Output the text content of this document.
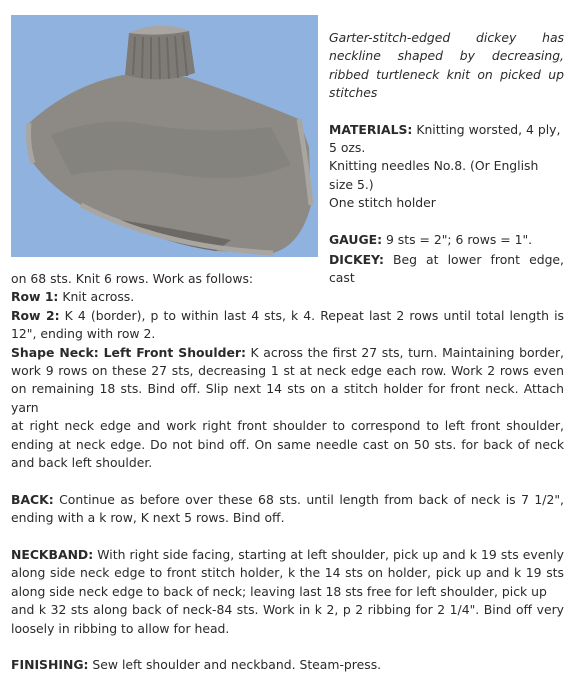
Garter-stitch-edged dickey has neckline shaped by decreasing, ribbed turtleneck knit on picked up stitches

MATERIALS: Knitting worsted, 4 ply, 5 ozs.

Knitting needles No.8. (Or English size 5.)

One stitch holder

GAUGE: 9 sts = 2"; 6 rows = 1".

DICKEY: Beg at lower front edge, cast

on 68 sts. Knit 6 rows. Work as follows:

Row 1: Knit across.

Row 2: K 4 (border), p to within last 4 sts, k 4. Repeat last 2 rows until total length is 12", ending with row 2.

Shape Neck: Left Front Shoulder: K across the first 27 sts, turn. Maintaining border, work 9 rows on these 27 sts, decreasing 1 st at neck edge each row. Work 2 rows even on remaining 18 sts. Bind off. Slip next 14 sts on a stitch holder for front neck. Attach yarn

at right neck edge and work right front shoulder to correspond to left front shoulder, ending at neck edge. Do not bind off. On same needle cast on 50 sts. for back of neck and back left shoulder.

BACK: Continue as before over these 68 sts. until length from back of neck is 7 1/2", ending with a k row, K next 5 rows. Bind off.

NECKBAND: With right side facing, starting at left shoulder, pick up and k 19 sts evenly along side neck edge to front stitch holder, k the 14 sts on holder, pick up and k 19 sts along side neck edge to back of neck; leaving last 18 sts free for left shoulder, pick up

and k 32 sts along back of neck-84 sts. Work in k 2, p 2 ribbing for 2 1/4". Bind off very loosely in ribbing to allow for head.

FINISHING: Sew left shoulder and neckband. Steam-press.
